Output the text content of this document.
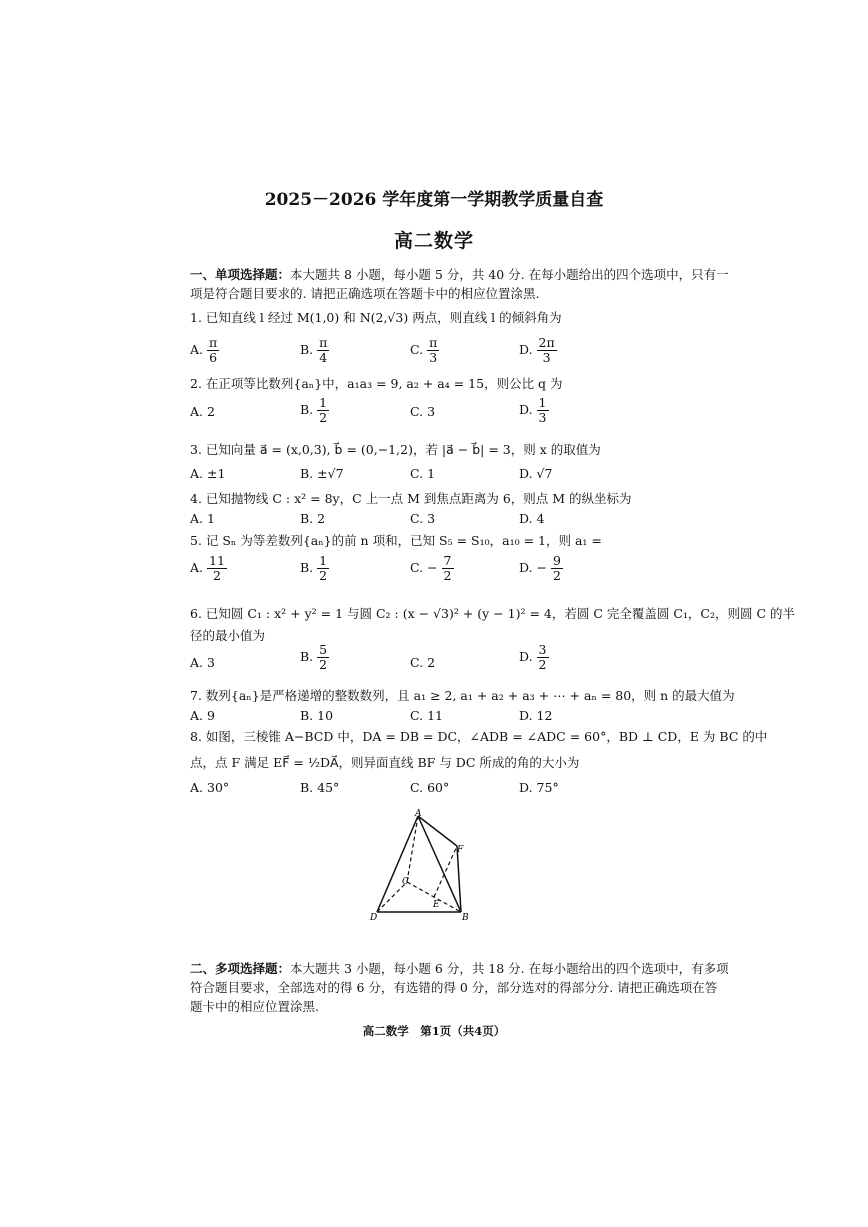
2025－2026 学年度第一学期教学质量自查
高二数学
一、单项选择题：本大题共 8 小题，每小题 5 分，共 40 分. 在每小题给出的四个选项中，只有一
项是符合题目要求的. 请把正确选项在答题卡中的相应位置涂黑.
1. 已知直线 l 经过 M(1,0) 和 N(2,√3) 两点，则直线 l 的倾斜角为
A. $\frac{\pi}{6}$	B. $\frac{\pi}{4}$	C. $\frac{\pi}{3}$	D. $\frac{2\pi}{3}$
2. 在正项等比数列{aₙ}中，a₁a₃ = 9, a₂ + a₄ = 15，则公比 q 为
A. 2	B. $\frac{1}{2}$	C. 3	D. $\frac{1}{3}$
3. 已知向量 a⃗ = (x,0,3), b⃗ = (0,−1,2)，若 |a⃗ − b⃗| = 3，则 x 的取值为
A. ±1	B. ±√7	C. 1	D. √7
4. 已知抛物线 C : x² = 8y，C 上一点 M 到焦点距离为 6，则点 M 的纵坐标为
A. 1	B. 2	C. 3	D. 4
5. 记 Sₙ 为等差数列{aₙ}的前 n 项和，已知 S₅ = S₁₀，a₁₀ = 1，则 a₁ =
A. $\frac{11}{2}$	B. $\frac{1}{2}$	C. − $\frac{7}{2}$	D. − $\frac{9}{2}$
6. 已知圆 C₁ : x² + y² = 1 与圆 C₂ : (x − √3)² + (y − 1)² = 4，若圆 C 完全覆盖圆 C₁，C₂，则圆 C 的半
径的最小值为
A. 3	B. $\frac{5}{2}$	C. 2	D. $\frac{3}{2}$
7. 数列{aₙ}是严格递增的整数数列，且 a₁ ≥ 2, a₁ + a₂ + a₃ + ⋯ + aₙ = 80，则 n 的最大值为
A. 9	B. 10	C. 11	D. 12
8. 如图，三棱锥 A−BCD 中，DA = DB = DC，∠ADB = ∠ADC = 60°，BD ⊥ CD，E 为 BC 的中
点，点 F 满足 EF⃗ = ½DA⃗，则异面直线 BF 与 DC 所成的角的大小为
A. 30°	B. 45°	C. 60°	D. 75°
A
B
C
D
E
F
二、多项选择题：本大题共 3 小题，每小题 6 分，共 18 分. 在每小题给出的四个选项中，有多项
符合题目要求，全部选对的得 6 分，有选错的得 0 分，部分选对的得部分分. 请把正确选项在答
题卡中的相应位置涂黑.
高二数学　第1页（共4页）
